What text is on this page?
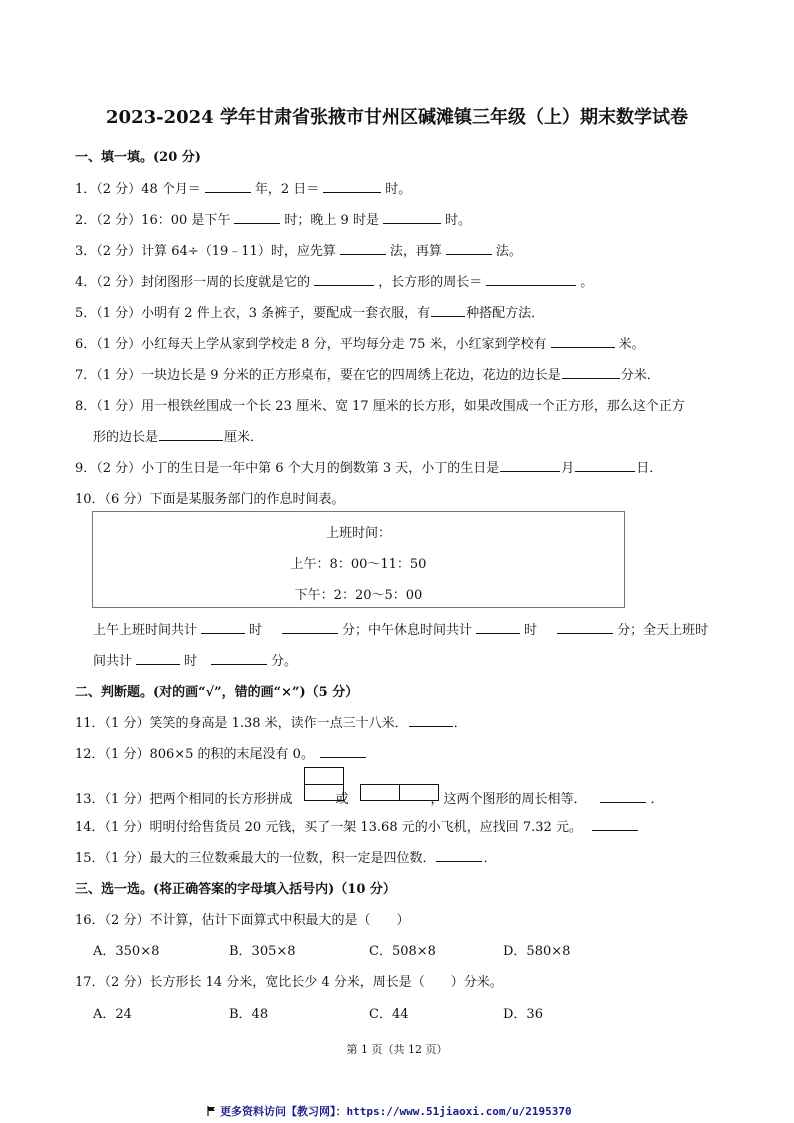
2023-2024 学年甘肃省张掖市甘州区碱滩镇三年级（上）期末数学试卷
一、填一填。(20 分)
1．（2 分）48 个月＝	年，2 日＝	时。
2．（2 分）16：00 是下午	时；晚上 9 时是	时。
3．（2 分）计算 64÷（19﹣11）时，应先算	法，再算	法。
4．（2 分）封闭图形一周的长度就是它的	，长方形的周长＝	。
5．（1 分）小明有 2 件上衣，3 条裤子，要配成一套衣服，有	种搭配方法．
6．（1 分）小红每天上学从家到学校走 8 分，平均每分走 75 米，小红家到学校有	米。
7．（1 分）一块边长是 9 分米的正方形桌布，要在它的四周绣上花边，花边的边长是	分米．
8．（1 分）用一根铁丝围成一个长 23 厘米、宽 17 厘米的长方形，如果改围成一个正方形，那么这个正方
形的边长是	厘米．
9．（2 分）小丁的生日是一年中第 6 个大月的倒数第 3 天，小丁的生日是	月	日．
10．（6 分）下面是某服务部门的作息时间表。
上班时间：
上午：8：00～11：50
下午：2：20～5：00
上午上班时间共计	时	分；中午休息时间共计	时	分；全天上班时
间共计	时	分。
二、判断题。(对的画“√”，错的画“×”)（5 分）
11．（1 分）笑笑的身高是 1.38 米，读作一点三十八米．	．
12．（1 分）806×5 的积的末尾没有 0。
13．（1 分）把两个相同的长方形拼成	或	，这两个图形的周长相等．	．
14．（1 分）明明付给售货员 20 元钱，买了一架 13.68 元的小飞机，应找回 7.32 元。
15．（1 分）最大的三位数乘最大的一位数，积一定是四位数．	．
三、选一选。(将正确答案的字母填入括号内)（10 分）
16．（2 分）不计算，估计下面算式中积最大的是（　　）
A．350×8	B．305×8	C．508×8	D．580×8
17．（2 分）长方形长 14 分米，宽比长少 4 分米，周长是（　　）分米。
A．24	B．48	C．44	D．36
第 1 页（共 12 页）
更多资料访问【教习网】：https://www.51jiaoxi.com/u/2195370
